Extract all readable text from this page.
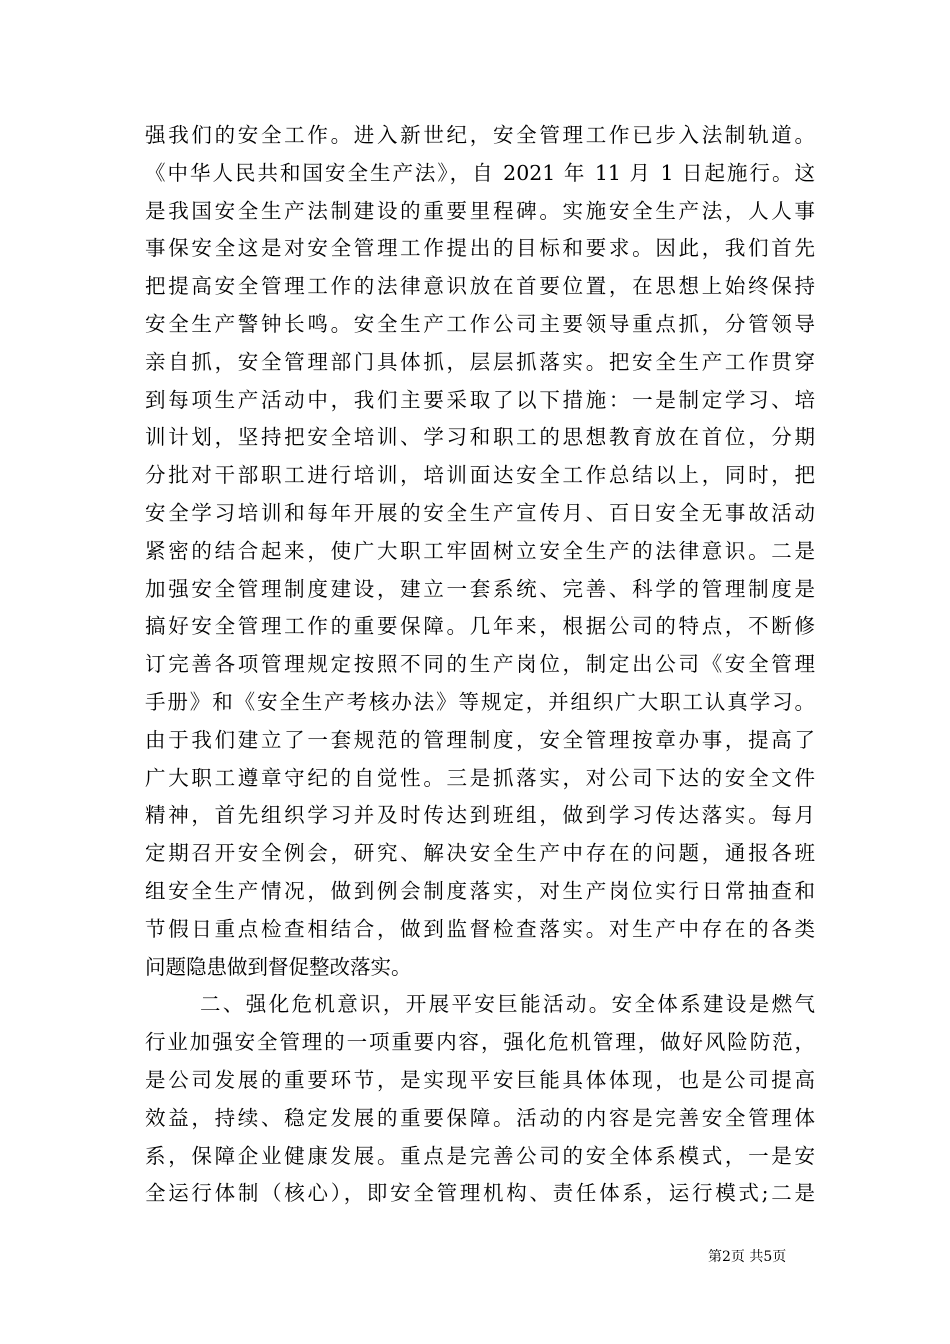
强我们的安全工作。进入新世纪，安全管理工作已步入法制轨道。
《中华人民共和国安全生产法》，自 2021 年 11 月 1 日起施行。这
是我国安全生产法制建设的重要里程碑。实施安全生产法，人人事
事保安全这是对安全管理工作提出的目标和要求。因此，我们首先
把提高安全管理工作的法律意识放在首要位置，在思想上始终保持
安全生产警钟长鸣。安全生产工作公司主要领导重点抓，分管领导
亲自抓，安全管理部门具体抓，层层抓落实。把安全生产工作贯穿
到每项生产活动中，我们主要采取了以下措施：一是制定学习、培
训计划，坚持把安全培训、学习和职工的思想教育放在首位，分期
分批对干部职工进行培训，培训面达安全工作总结以上，同时，把
安全学习培训和每年开展的安全生产宣传月、百日安全无事故活动
紧密的结合起来，使广大职工牢固树立安全生产的法律意识。二是
加强安全管理制度建设，建立一套系统、完善、科学的管理制度是
搞好安全管理工作的重要保障。几年来，根据公司的特点，不断修
订完善各项管理规定按照不同的生产岗位，制定出公司《安全管理
手册》和《安全生产考核办法》等规定，并组织广大职工认真学习。
由于我们建立了一套规范的管理制度，安全管理按章办事，提高了
广大职工遵章守纪的自觉性。三是抓落实，对公司下达的安全文件
精神，首先组织学习并及时传达到班组，做到学习传达落实。每月
定期召开安全例会，研究、解决安全生产中存在的问题，通报各班
组安全生产情况，做到例会制度落实，对生产岗位实行日常抽查和
节假日重点检查相结合，做到监督检查落实。对生产中存在的各类
问题隐患做到督促整改落实。
二、强化危机意识，开展平安巨能活动。安全体系建设是燃气
行业加强安全管理的一项重要内容，强化危机管理，做好风险防范，
是公司发展的重要环节，是实现平安巨能具体体现，也是公司提高
效益，持续、稳定发展的重要保障。活动的内容是完善安全管理体
系，保障企业健康发展。重点是完善公司的安全体系模式，一是安
全运行体制（核心），即安全管理机构、责任体系，运行模式;二是
第2页 共5页
